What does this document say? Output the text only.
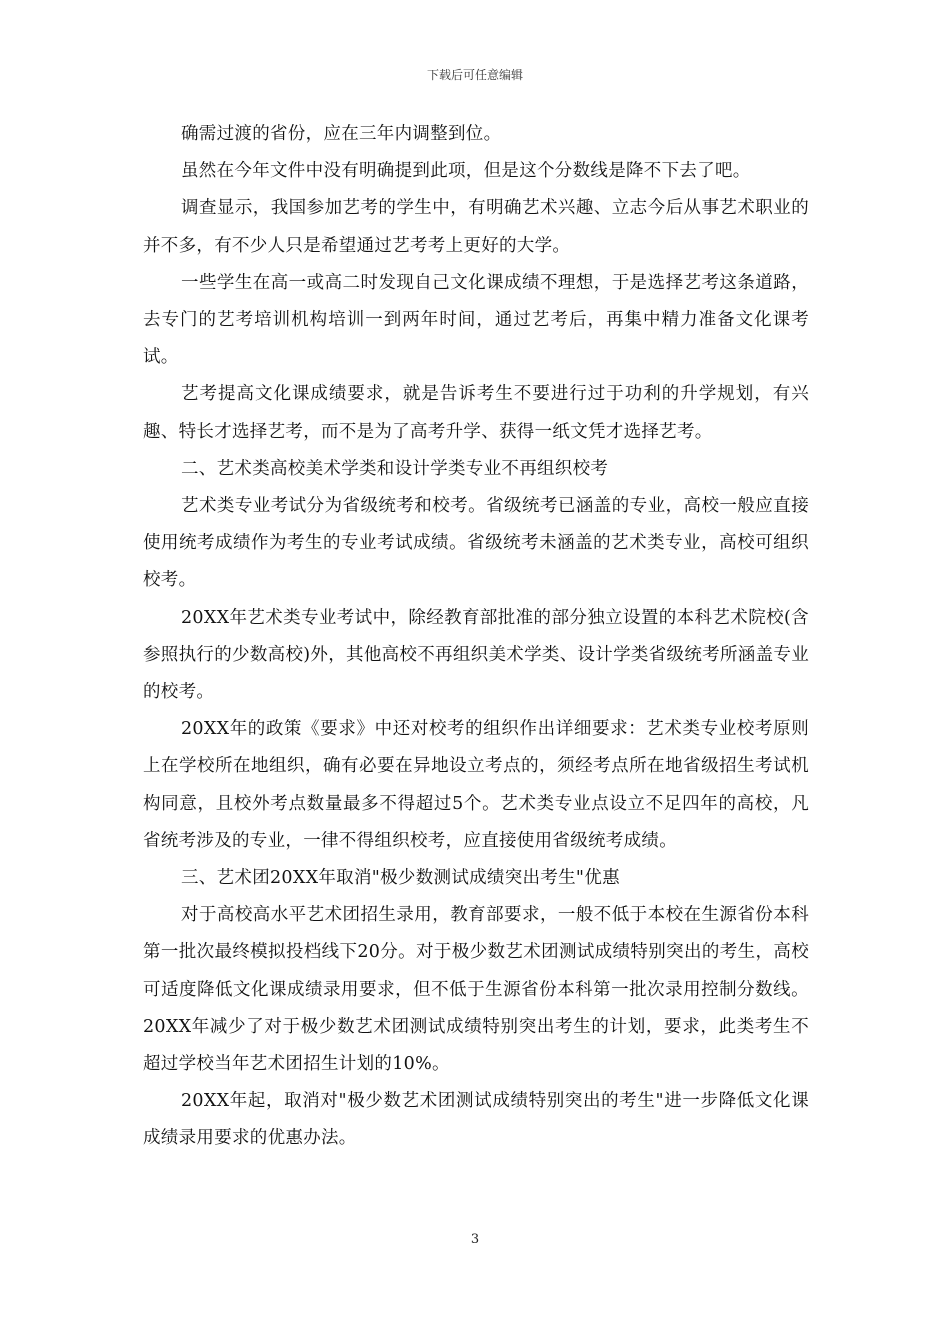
下载后可任意编辑

确需过渡的省份，应在三年内调整到位。

虽然在今年文件中没有明确提到此项，但是这个分数线是降不下去了吧。

调查显示，我国参加艺考的学生中，有明确艺术兴趣、立志今后从事艺术职业的并不多，有不少人只是希望通过艺考考上更好的大学。

一些学生在高一或高二时发现自己文化课成绩不理想，于是选择艺考这条道路，去专门的艺考培训机构培训一到两年时间，通过艺考后，再集中精力准备文化课考试。

艺考提高文化课成绩要求，就是告诉考生不要进行过于功利的升学规划，有兴趣、特长才选择艺考，而不是为了高考升学、获得一纸文凭才选择艺考。

二、艺术类高校美术学类和设计学类专业不再组织校考

艺术类专业考试分为省级统考和校考。省级统考已涵盖的专业，高校一般应直接使用统考成绩作为考生的专业考试成绩。省级统考未涵盖的艺术类专业，高校可组织校考。

20XX年艺术类专业考试中，除经教育部批准的部分独立设置的本科艺术院校(含参照执行的少数高校)外，其他高校不再组织美术学类、设计学类省级统考所涵盖专业的校考。

20XX年的政策《要求》中还对校考的组织作出详细要求：艺术类专业校考原则上在学校所在地组织，确有必要在异地设立考点的，须经考点所在地省级招生考试机构同意，且校外考点数量最多不得超过5个。艺术类专业点设立不足四年的高校，凡省统考涉及的专业，一律不得组织校考，应直接使用省级统考成绩。

三、艺术团20XX年取消"极少数测试成绩突出考生"优惠

对于高校高水平艺术团招生录用，教育部要求，一般不低于本校在生源省份本科第一批次最终模拟投档线下20分。对于极少数艺术团测试成绩特别突出的考生，高校可适度降低文化课成绩录用要求，但不低于生源省份本科第一批次录用控制分数线。20XX年减少了对于极少数艺术团测试成绩特别突出考生的计划，要求，此类考生不超过学校当年艺术团招生计划的10%。

20XX年起，取消对"极少数艺术团测试成绩特别突出的考生"进一步降低文化课成绩录用要求的优惠办法。

3
